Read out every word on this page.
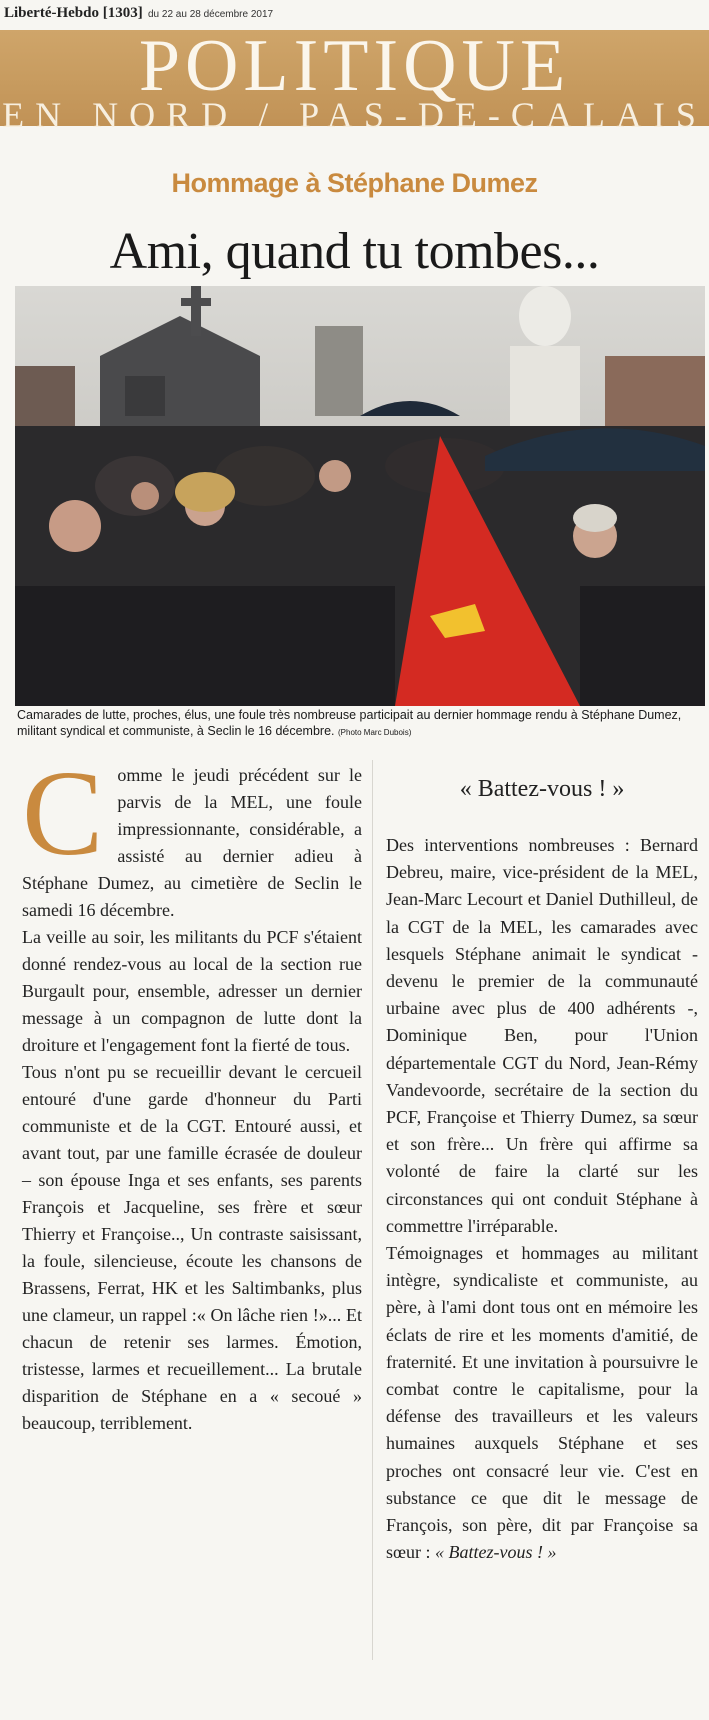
Liberté-Hebdo [1303] du 22 au 28 décembre 2017
POLITIQUE
EN NORD / PAS-DE-CALAIS
Hommage à Stéphane Dumez
Ami, quand tu tombes...
Camarades de lutte, proches, élus, une foule très nombreuse participait au dernier hommage rendu à Stéphane Dumez, militant syndical et communiste, à Seclin le 16 décembre. (Photo Marc Dubois)
C omme le jeudi précédent sur le parvis de la MEL, une foule impressionnante, considérable, a assisté au dernier adieu à Stéphane Dumez, au cimetière de Seclin le samedi 16 décembre.

La veille au soir, les militants du PCF s'étaient donné rendez-vous au local de la section rue Burgault pour, ensemble, adresser un dernier message à un compagnon de lutte dont la droiture et l'engagement font la fierté de tous.

Tous n'ont pu se recueillir devant le cercueil entouré d'une garde d'honneur du Parti communiste et de la CGT. Entouré aussi, et avant tout, par une famille écrasée de douleur – son épouse Inga et ses enfants, ses parents François et Jacqueline, ses frère et sœur Thierry et Françoise.., Un contraste saisissant, la foule, silencieuse, écoute les chansons de Brassens, Ferrat, HK et les Saltimbanks, plus une clameur, un rappel :« On lâche rien !»... Et chacun de retenir ses larmes. Émotion, tristesse, larmes et recueillement... La brutale disparition de Stéphane en a « secoué » beaucoup, terriblement.

« Battez-vous ! »

Des interventions nombreuses : Bernard Debreu, maire, vice-président de la MEL, Jean-Marc Lecourt et Daniel Duthilleul, de la CGT de la MEL, les camarades avec lesquels Stéphane animait le syndicat - devenu le premier de la communauté urbaine avec plus de 400 adhérents -, Dominique Ben, pour l'Union départementale CGT du Nord, Jean-Rémy Vandevoorde, secrétaire de la section du PCF, Françoise et Thierry Dumez, sa sœur et son frère... Un frère qui affirme sa volonté de faire la clarté sur les circonstances qui ont conduit Stéphane à commettre l'irréparable.

Témoignages et hommages au militant intègre, syndicaliste et communiste, au père, à l'ami dont tous ont en mémoire les éclats de rire et les moments d'amitié, de fraternité. Et une invitation à poursuivre le combat contre le capitalisme, pour la défense des travailleurs et les valeurs humaines auxquels Stéphane et ses proches ont consacré leur vie. C'est en substance ce que dit le message de François, son père, dit par Françoise sa sœur : « Battez-vous ! »
